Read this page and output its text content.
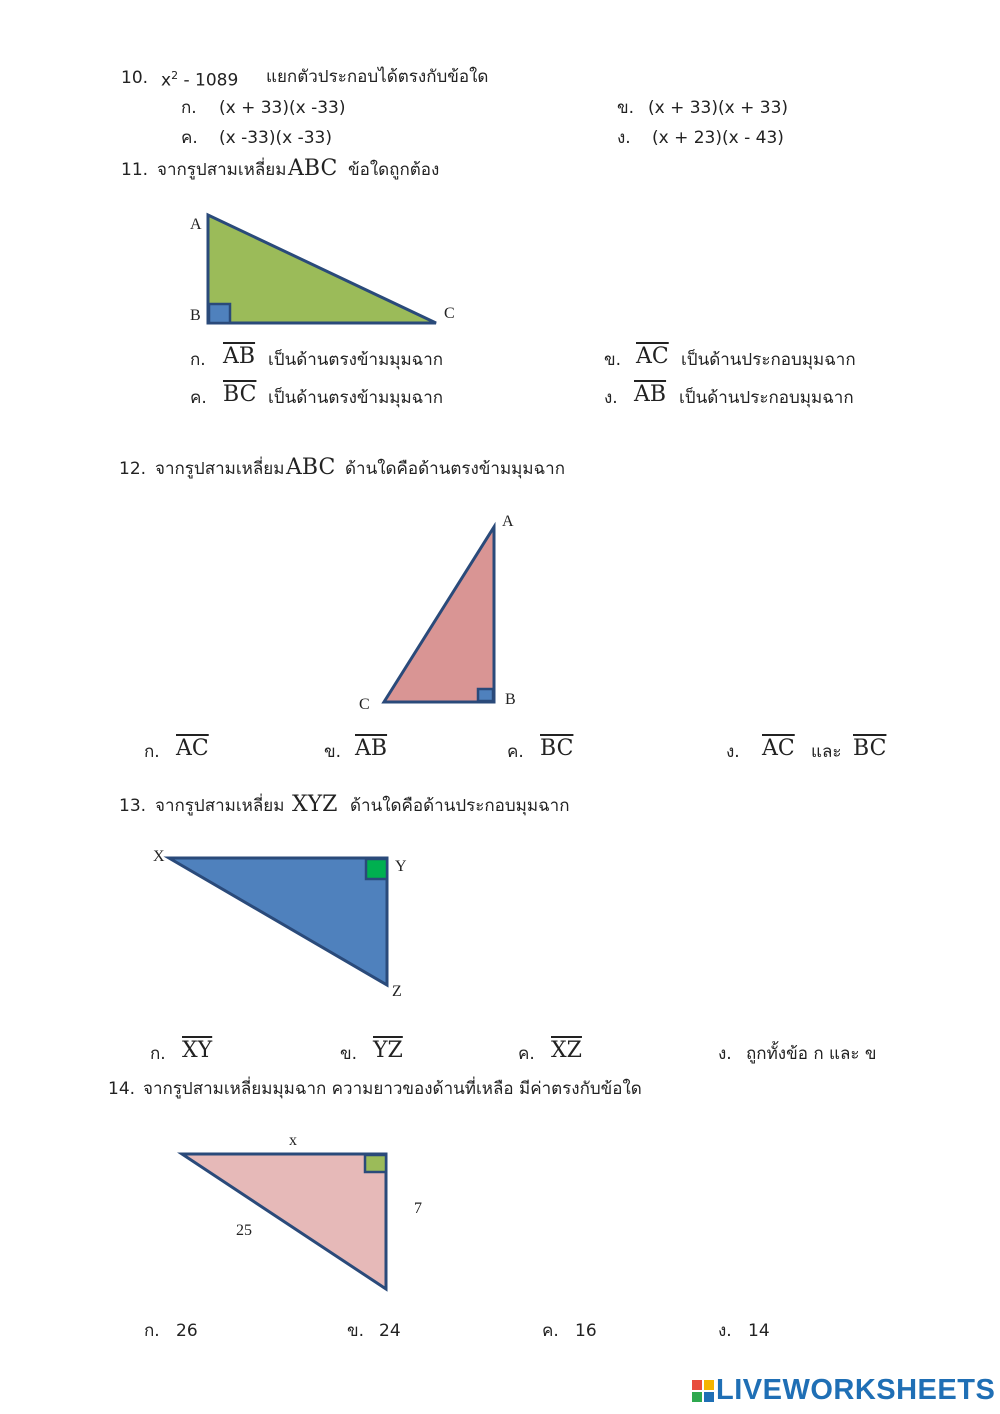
10. $x^2 - 1089$ แยกตัวประกอบได้ตรงกับข้อใด
ก. (x + 33)(x -33)	ข. (x + 33)(x + 33)
ค. (x -33)(x -33)	ง. (x + 23)(x - 43)
11. จากรูปสามเหลี่ยม ABC ข้อใดถูกต้อง
A
B	C
ก. $\overline{AB}$ เป็นด้านตรงข้ามมุมฉาก	ข. $\overline{AC}$ เป็นด้านประกอบมุมฉาก
ค. $\overline{BC}$ เป็นด้านตรงข้ามมุมฉาก	ง. $\overline{AB}$ เป็นด้านประกอบมุมฉาก
12. จากรูปสามเหลี่ยม ABC ด้านใดคือด้านตรงข้ามมุมฉาก
A
B
C
ก. $\overline{AC}$	ข. $\overline{AB}$	ค. $\overline{BC}$	ง. $\overline{AC}$ และ $\overline{BC}$
13. จากรูปสามเหลี่ยม XYZ ด้านใดคือด้านประกอบมุมฉาก
X
Y
Z
ก. $\overline{XY}$	ข. $\overline{YZ}$	ค. $\overline{XZ}$	ง. ถูกทั้งข้อ ก และ ข
14. จากรูปสามเหลี่ยมมุมฉาก ความยาวของด้านที่เหลือ มีค่าตรงกับข้อใด
x
7
25
ก. 26	ข. 24	ค. 16	ง. 14
LIVEWORKSHEETS
